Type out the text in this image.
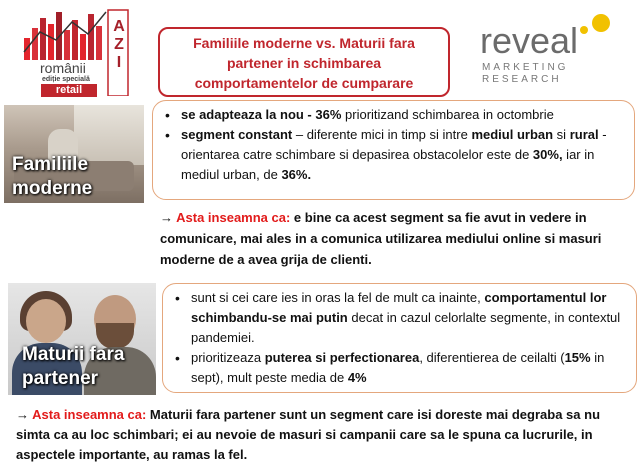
AZI
românii
ediție specială
retail
Familiile moderne vs. Maturii fara
partener in schimbarea
comportamentelor de cumparare
reveal
MARKETING
RESEARCH
Familiile
moderne
• se adapteaza la nou - 36% prioritizand schimbarea in octombrie
• segment constant – diferente mici in timp si intre mediul urban si rural - orientarea catre schimbare si depasirea obstacolelor este de 30%, iar in mediul urban, de 36%.
→ Asta inseamna ca: e bine ca acest segment sa fie avut in vedere in comunicare, mai ales in a comunica utilizarea mediului online si masuri moderne de a avea grija de clienti.
Maturii fara
partener
• sunt si cei care ies in oras la fel de mult ca inainte, comportamentul lor schimbandu-se mai putin decat in cazul celorlalte segmente, in contextul pandemiei.
• prioritizeaza puterea si perfectionarea, diferentierea de ceilalti (15% in sept), mult peste media de 4%
→ Asta inseamna ca: Maturii fara partener sunt un segment care isi doreste mai degraba sa nu simta ca au loc schimbari; ei au nevoie de masuri si campanii care sa le spuna ca lucrurile, in aspectele importante, au ramas la fel.
